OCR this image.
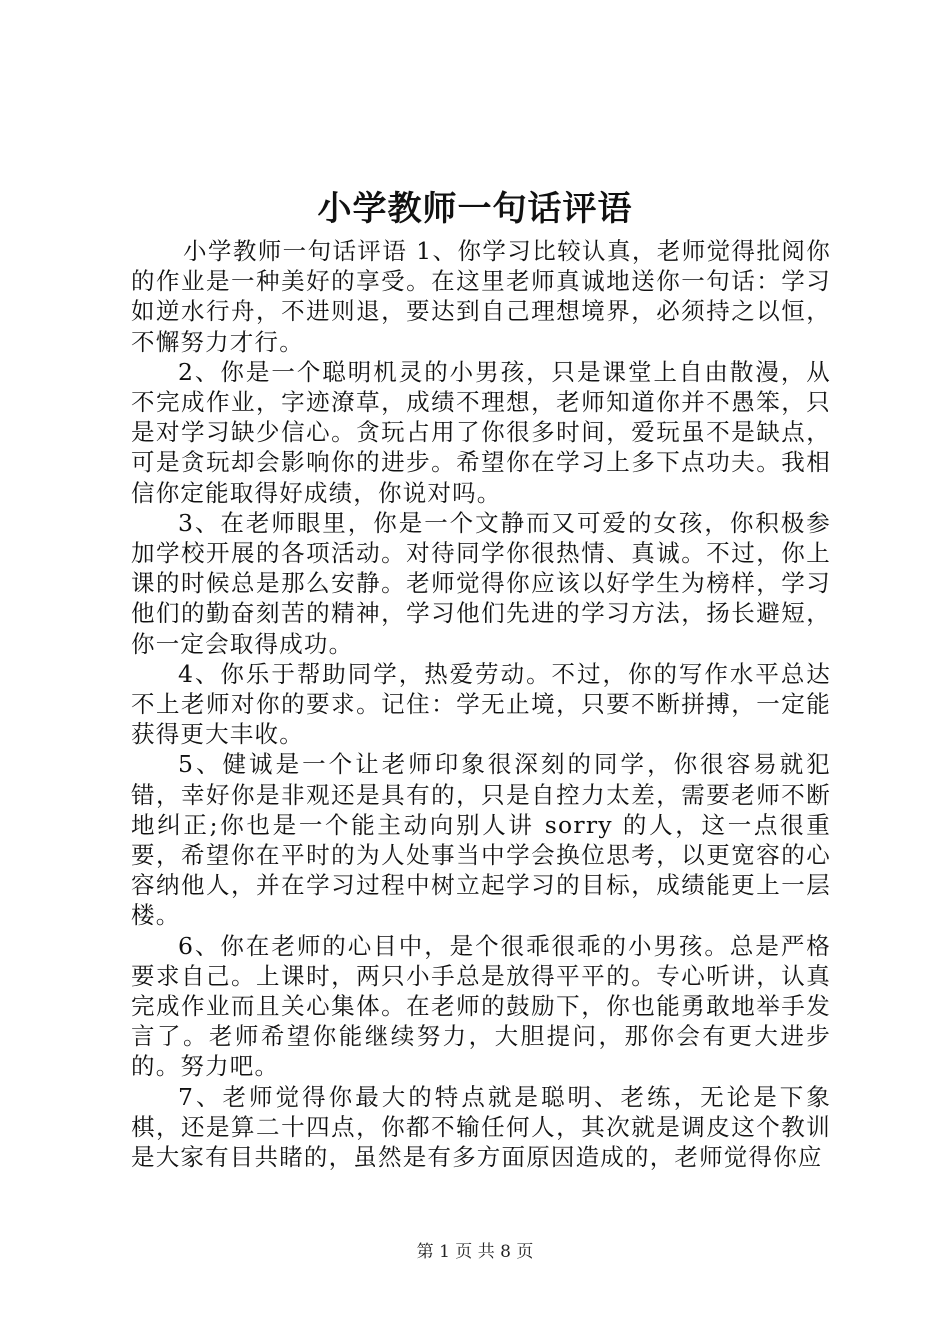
小学教师一句话评语

小学教师一句话评语 1、你学习比较认真，老师觉得批阅你的作业是一种美好的享受。在这里老师真诚地送你一句话：学习如逆水行舟，不进则退，要达到自己理想境界，必须持之以恒，不懈努力才行。

2、你是一个聪明机灵的小男孩，只是课堂上自由散漫，从不完成作业，字迹潦草，成绩不理想，老师知道你并不愚笨，只是对学习缺少信心。贪玩占用了你很多时间，爱玩虽不是缺点，可是贪玩却会影响你的进步。希望你在学习上多下点功夫。我相信你定能取得好成绩，你说对吗。

3、在老师眼里，你是一个文静而又可爱的女孩，你积极参加学校开展的各项活动。对待同学你很热情、真诚。不过，你上课的时候总是那么安静。老师觉得你应该以好学生为榜样，学习他们的勤奋刻苦的精神，学习他们先进的学习方法，扬长避短，你一定会取得成功。

4、你乐于帮助同学，热爱劳动。不过，你的写作水平总达不上老师对你的要求。记住：学无止境，只要不断拼搏，一定能获得更大丰收。

5、健诚是一个让老师印象很深刻的同学，你很容易就犯错，幸好你是非观还是具有的，只是自控力太差，需要老师不断地纠正;你也是一个能主动向别人讲 sorry 的人，这一点很重要，希望你在平时的为人处事当中学会换位思考，以更宽容的心容纳他人，并在学习过程中树立起学习的目标，成绩能更上一层楼。

6、你在老师的心目中，是个很乖很乖的小男孩。总是严格要求自己。上课时，两只小手总是放得平平的。专心听讲，认真完成作业而且关心集体。在老师的鼓励下，你也能勇敢地举手发言了。老师希望你能继续努力，大胆提问，那你会有更大进步的。努力吧。

7、老师觉得你最大的特点就是聪明、老练，无论是下象棋，还是算二十四点，你都不输任何人，其次就是调皮这个教训是大家有目共睹的，虽然是有多方面原因造成的，老师觉得你应

第 1 页 共 8 页
